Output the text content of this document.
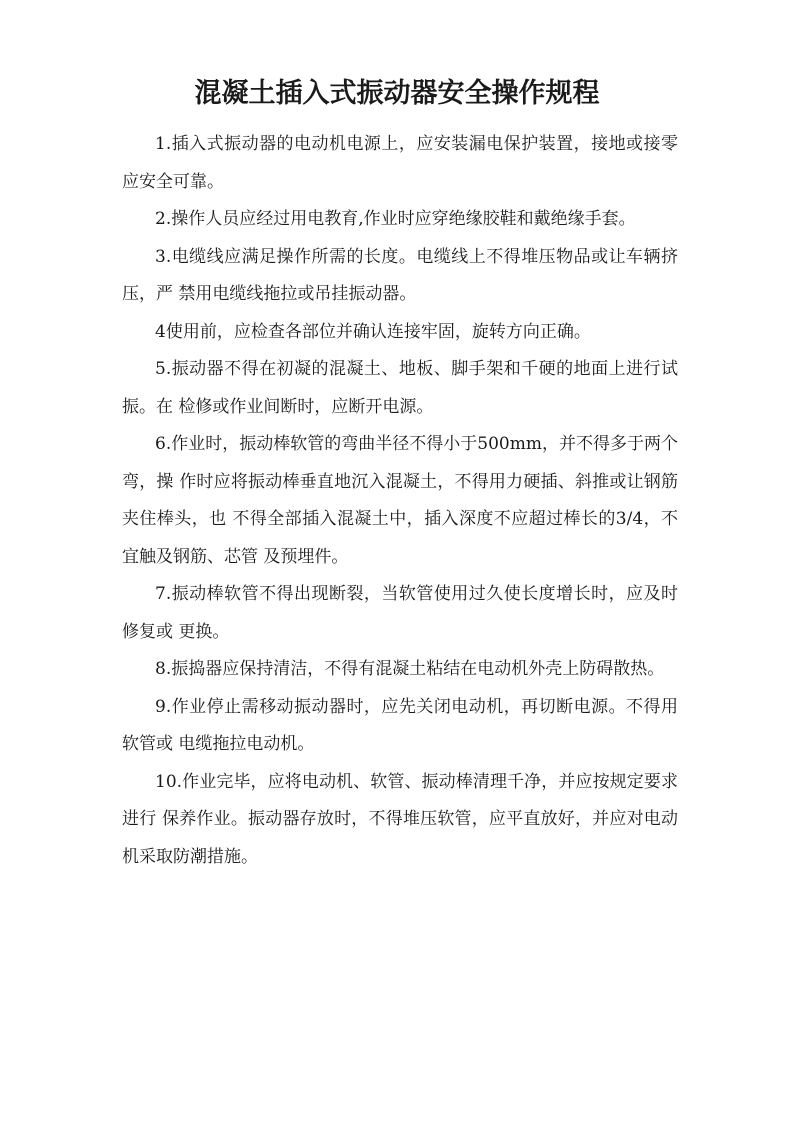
混凝土插入式振动器安全操作规程

1.插入式振动器的电动机电源上，应安装漏电保护装置，接地或接零应安全可靠。

2.操作人员应经过用电教育,作业时应穿绝缘胶鞋和戴绝缘手套。

3.电缆线应满足操作所需的长度。电缆线上不得堆压物品或让车辆挤压，严 禁用电缆线拖拉或吊挂振动器。

4使用前，应检查各部位并确认连接牢固，旋转方向正确。

5.振动器不得在初凝的混凝土、地板、脚手架和千硬的地面上进行试振。在 检修或作业间断时，应断开电源。

6.作业时，振动棒软管的弯曲半径不得小于500mm，并不得多于两个弯，操 作时应将振动棒垂直地沉入混凝土，不得用力硬插、斜推或让钢筋夹住棒头，也 不得全部插入混凝土中，插入深度不应超过棒长的3/4，不宜触及钢筋、芯管 及预埋件。

7.振动棒软管不得出现断裂，当软管使用过久使长度增长时，应及时修复或 更换。

8.振捣器应保持清洁，不得有混凝土粘结在电动机外壳上防碍散热。

9.作业停止需移动振动器时，应先关闭电动机，再切断电源。不得用软管或 电缆拖拉电动机。

10.作业完毕，应将电动机、软管、振动棒清理千净，并应按规定要求进行 保养作业。振动器存放时，不得堆压软管，应平直放好，并应对电动机采取防潮措施。
